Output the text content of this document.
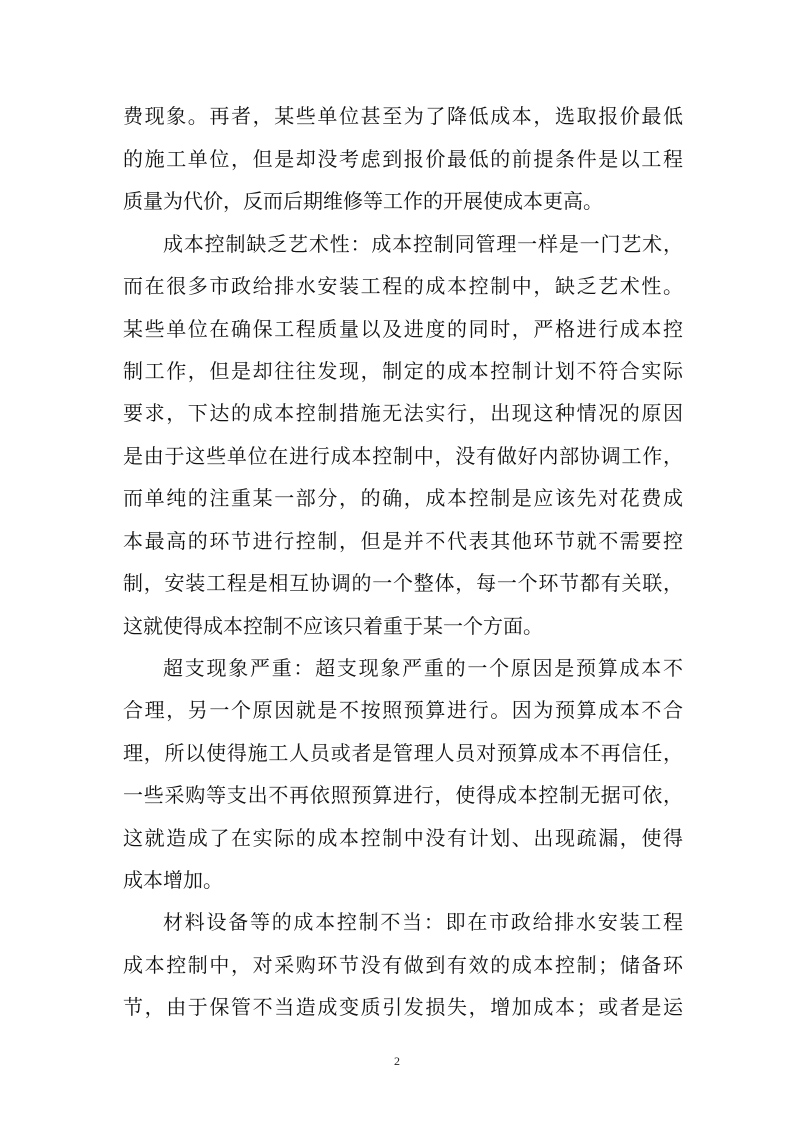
费现象。再者，某些单位甚至为了降低成本，选取报价最低
的施工单位，但是却没考虑到报价最低的前提条件是以工程
质量为代价，反而后期维修等工作的开展使成本更高。
成本控制缺乏艺术性：成本控制同管理一样是一门艺术，
而在很多市政给排水安装工程的成本控制中，缺乏艺术性。
某些单位在确保工程质量以及进度的同时，严格进行成本控
制工作，但是却往往发现，制定的成本控制计划不符合实际
要求，下达的成本控制措施无法实行，出现这种情况的原因
是由于这些单位在进行成本控制中，没有做好内部协调工作，
而单纯的注重某一部分，的确，成本控制是应该先对花费成
本最高的环节进行控制，但是并不代表其他环节就不需要控
制，安装工程是相互协调的一个整体，每一个环节都有关联，
这就使得成本控制不应该只着重于某一个方面。
超支现象严重：超支现象严重的一个原因是预算成本不
合理，另一个原因就是不按照预算进行。因为预算成本不合
理，所以使得施工人员或者是管理人员对预算成本不再信任，
一些采购等支出不再依照预算进行，使得成本控制无据可依，
这就造成了在实际的成本控制中没有计划、出现疏漏，使得
成本增加。
材料设备等的成本控制不当：即在市政给排水安装工程
成本控制中，对采购环节没有做到有效的成本控制；储备环
节，由于保管不当造成变质引发损失，增加成本；或者是运
2
